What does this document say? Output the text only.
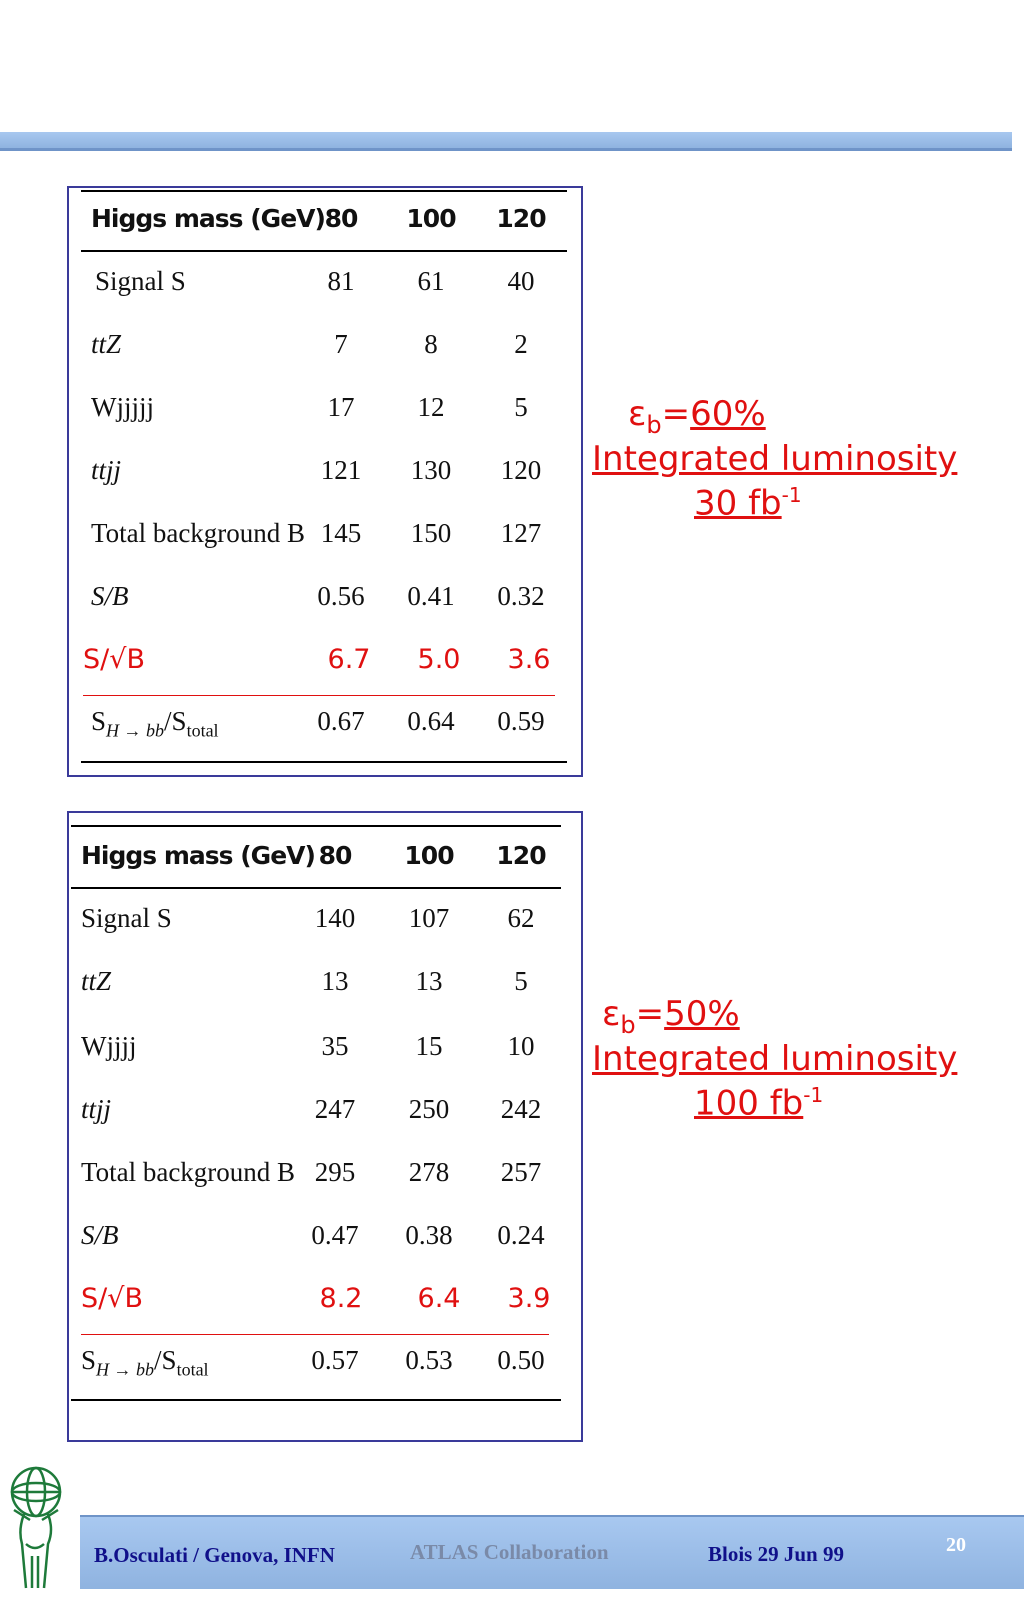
Higgs mass (GeV) 80	100	120
Signal S	81	61	40
ttZ	7	8	2
Wjjjjj	17	12	5
ttjj	121	130	120
Total background B 145	150	127
S/B	0.56	0.41	0.32
S/√B	6.7	5.0	3.6
$S_{H \to bb}/S_{total}$	0.67	0.64	0.59
Higgs mass (GeV) 80	100	120
Signal S	140	107	62
ttZ	13	13	5
Wjjjj	35	15	10
ttjj	247	250	242
Total background B 295	278	257
S/B	0.47	0.38	0.24
S/√B	8.2	6.4	3.9
$S_{H \to bb}/S_{total}$	0.57	0.53	0.50
$\varepsilon_b=60\%$
Integrated luminosity
30 $fb^{-1}$
$\varepsilon_b=50\%$
Integrated luminosity
100 $fb^{-1}$
B.Osculati / Genova, INFN	ATLAS Collaboration	Blois 29 Jun 99	20
